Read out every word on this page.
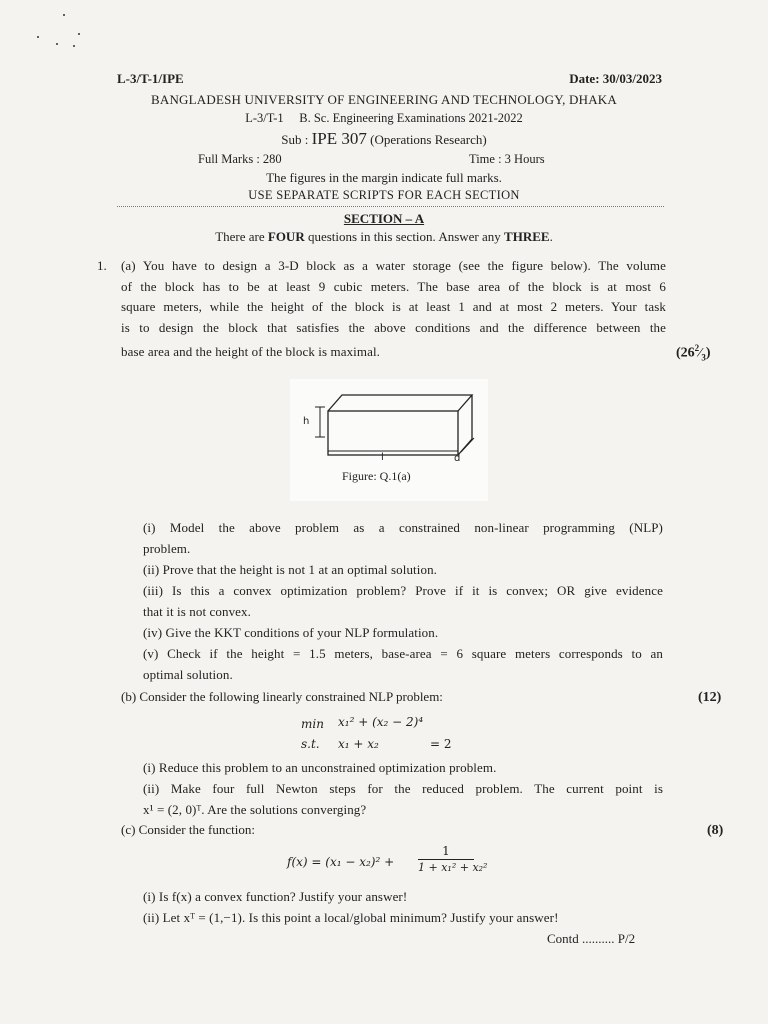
L-3/T-1/IPE	Date: 30/03/2023
BANGLADESH UNIVERSITY OF ENGINEERING AND TECHNOLOGY, DHAKA
L-3/T-1     B. Sc. Engineering Examinations 2021-2022
Sub : IPE 307 (Operations Research)
Full Marks : 280	Time : 3 Hours
The figures in the margin indicate full marks.
USE SEPARATE SCRIPTS FOR EACH SECTION
SECTION – A
There are FOUR questions in this section. Answer any THREE.
1. (a) You have to design a 3-D block as a water storage (see the figure below). The volume
of the block has to be at least 9 cubic meters. The base area of the block is at most 6
square meters, while the height of the block is at least 1 and at most 2 meters. Your task
is to design the block that satisfies the above conditions and the difference between the
base area and the height of the block is maximal.	$(26^2⁄_3)$
h
l	d
Figure: Q.1(a)
(i) Model the above problem as a constrained non-linear programming (NLP)
problem.
(ii) Prove that the height is not 1 at an optimal solution.
(iii) Is this a convex optimization problem? Prove if it is convex; OR give evidence
that it is not convex.
(iv) Give the KKT conditions of your NLP formulation.
(v) Check if the height = 1.5 meters, base-area = 6 square meters corresponds to an
optimal solution.
(b) Consider the following linearly constrained NLP problem:	(12)
min x₁² + (x₂ − 2)⁴
s.t. x₁ + x₂	= 2
(i) Reduce this problem to an unconstrained optimization problem.
(ii) Make four full Newton steps for the reduced problem. The current point is
x¹ = (2, 0)ᵀ. Are the solutions converging?
(c) Consider the function:	(8)
f(x) = (x₁ − x₂)² +
1
1 + x₁² + x₂²
(i) Is f(x) a convex function? Justify your answer!
(ii) Let xᵀ = (1,−1). Is this point a local/global minimum? Justify your answer!
Contd .......... P/2
